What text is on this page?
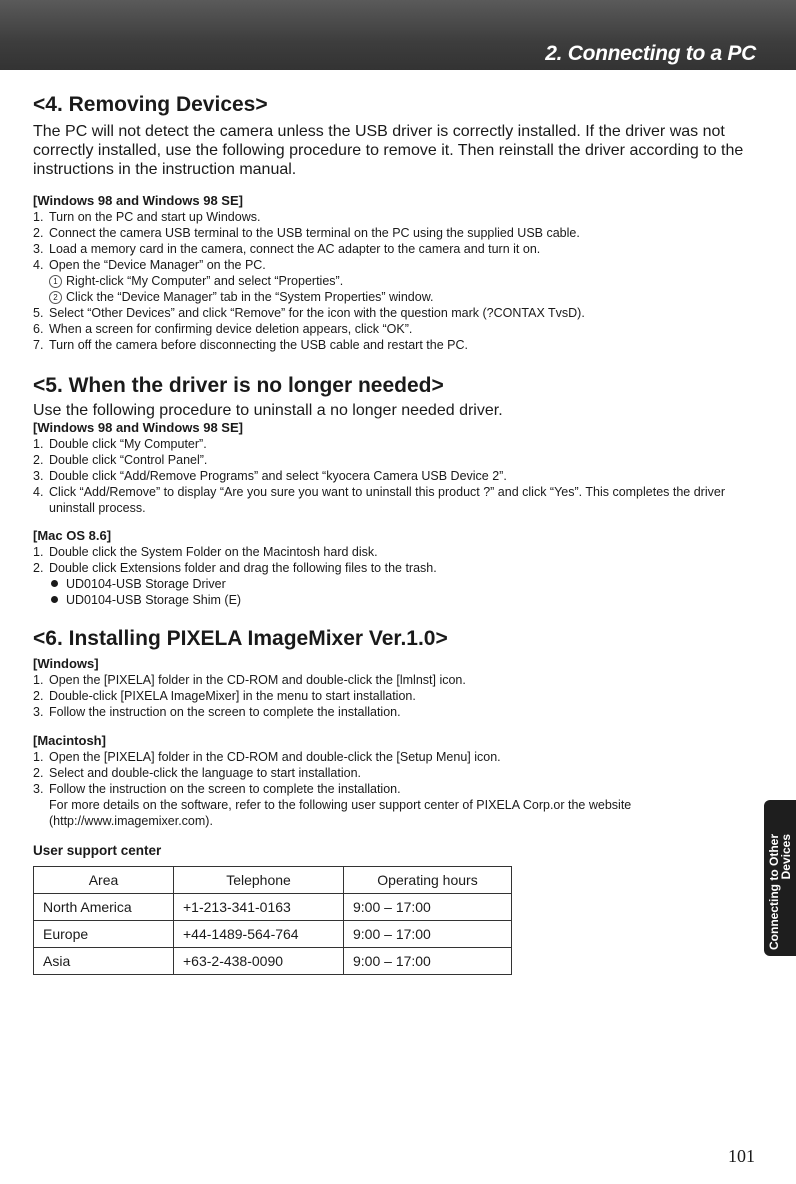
2. Connecting to a PC
<4. Removing Devices>

The PC will not detect the camera unless the USB driver is correctly installed. If the driver was not correctly installed, use the following procedure to remove it. Then reinstall the driver according to the instructions in the instruction manual.

[Windows 98 and Windows 98 SE]

1. Turn on the PC and start up Windows.
2. Connect the camera USB terminal to the USB terminal on the PC using the supplied USB cable.
3. Load a memory card in the camera, connect the AC adapter to the camera and turn it on.
4. Open the “Device Manager” on the PC.
1 Right-click “My Computer” and select “Properties”.
2 Click the “Device Manager” tab in the “System Properties” window.
5. Select “Other Devices” and click “Remove” for the icon with the question mark (?CONTAX TvsD).
6. When a screen for confirming device deletion appears, click “OK”.
7. Turn off the camera before disconnecting the USB cable and restart the PC.
<5. When the driver is no longer needed>

Use the following procedure to uninstall a no longer needed driver.

[Windows 98 and Windows 98 SE]

1. Double click “My Computer”.
2. Double click “Control Panel”.
3. Double click “Add/Remove Programs” and select “kyocera Camera USB Device 2”.
4. Click “Add/Remove” to display “Are you sure you want to uninstall this product ?” and click “Yes”. This completes the driver uninstall process.

[Mac OS 8.6]

1. Double click the System Folder on the Macintosh hard disk.
2. Double click Extensions folder and drag the following files to the trash.
UD0104-USB Storage Driver
UD0104-USB Storage Shim (E)
<6. Installing PIXELA ImageMixer Ver.1.0>

[Windows]

1. Open the [PIXELA] folder in the CD-ROM and double-click the [lmlnst] icon.
2. Double-click [PIXELA ImageMixer] in the menu to start installation.
3. Follow the instruction on the screen to complete the installation.

[Macintosh]

1. Open the [PIXELA] folder in the CD-ROM and double-click the [Setup Menu] icon.
2. Select and double-click the language to start installation.
3. Follow the instruction on the screen to complete the installation.
For more details on the software, refer to the following user support center of PIXELA Corp.or the website (http://www.imagemixer.com).

User support center

Area	Telephone	Operating hours
North America	+1-213-341-0163	9:00 – 17:00
Europe	+44-1489-564-764	9:00 – 17:00
Asia	+63-2-438-0090	9:00 – 17:00
Connecting to Other
Devices
101
